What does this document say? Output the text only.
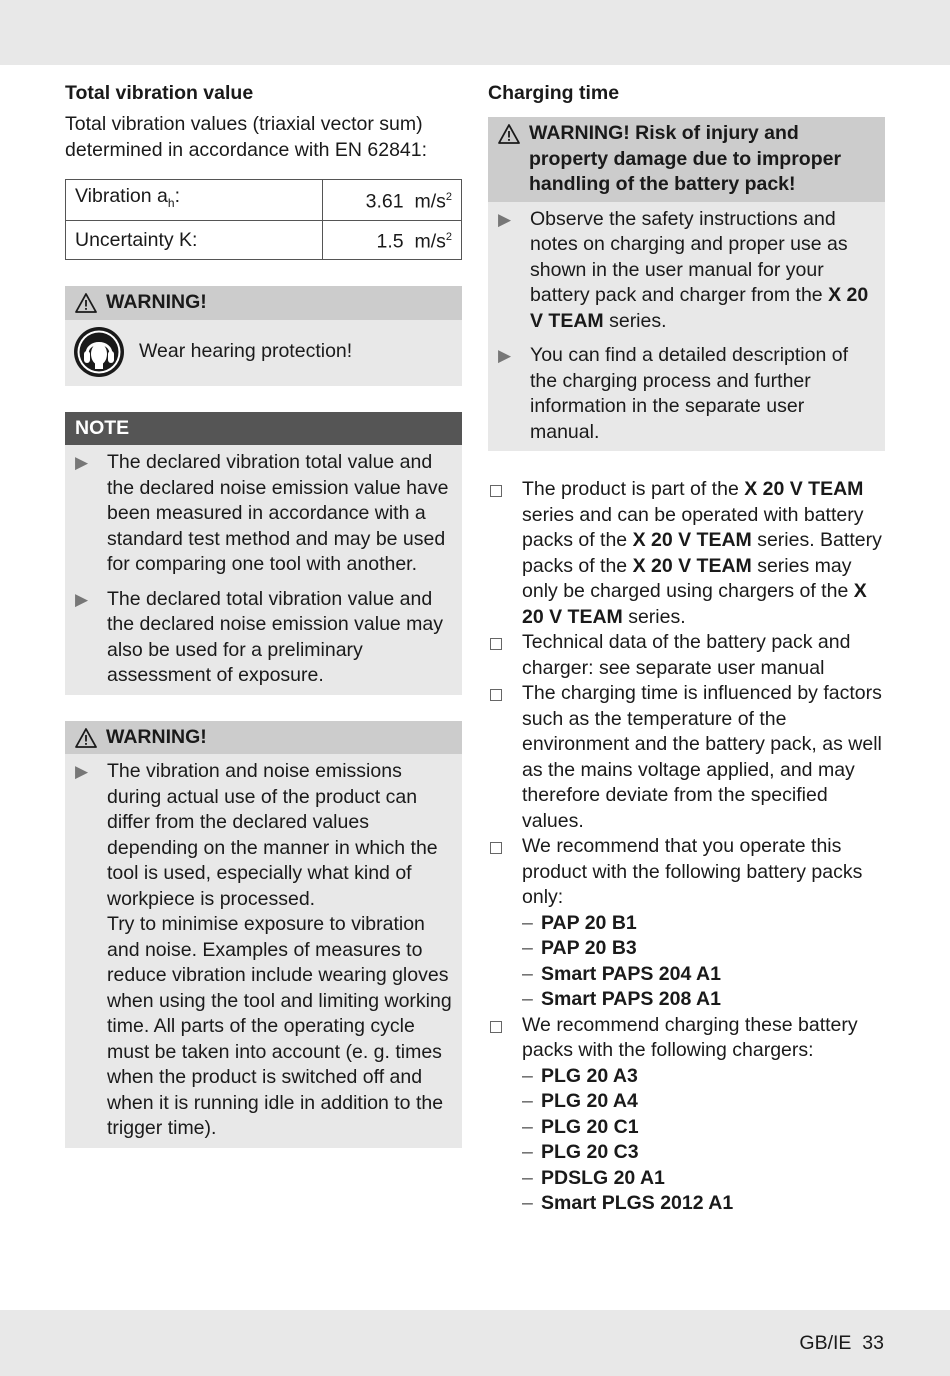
Total vibration value

Total vibration values (triaxial vector sum) determined in accordance with EN 62841:

Vibration $a_h$:	3.61 $m/s^2$
Uncertainty K:	1.5 $m/s^2$
WARNING!
Wear hearing protection!
NOTE
▶ The declared vibration total value and the declared noise emission value have been measured in accordance with a standard test method and may be used for comparing one tool with another.
▶ The declared total vibration value and the declared noise emission value may also be used for a preliminary assessment of exposure.
WARNING!
▶ The vibration and noise emissions during actual use of the product can differ from the declared values depending on the manner in which the tool is used, especially what kind of workpiece is processed.

Try to minimise exposure to vibration and noise. Examples of measures to reduce vibration include wearing gloves when using the tool and limiting working time. All parts of the operating cycle must be taken into account (e. g. times when the product is switched off and when it is running idle in addition to the trigger time).

Charging time
WARNING! Risk of injury and property damage due to improper handling of the battery pack!
▶ Observe the safety instructions and notes on charging and proper use as shown in the user manual for your battery pack and charger from the X 20 V TEAM series.
▶ You can find a detailed description of the charging process and further information in the separate user manual.
The product is part of the X 20 V TEAM series and can be operated with battery packs of the X 20 V TEAM series. Battery packs of the X 20 V TEAM series may only be charged using chargers of the X 20 V TEAM series.
Technical data of the battery pack and charger: see separate user manual
The charging time is influenced by factors such as the temperature of the environment and the battery pack, as well as the mains voltage applied, and may therefore deviate from the specified values.
We recommend that you operate this product with the following battery packs only:
– PAP 20 B1
– PAP 20 B3
– Smart PAPS 204 A1
– Smart PAPS 208 A1
We recommend charging these battery packs with the following chargers:
– PLG 20 A3
– PLG 20 A4
– PLG 20 C1
– PLG 20 C3
– PDSLG 20 A1
– Smart PLGS 2012 A1
GB/IE 33
